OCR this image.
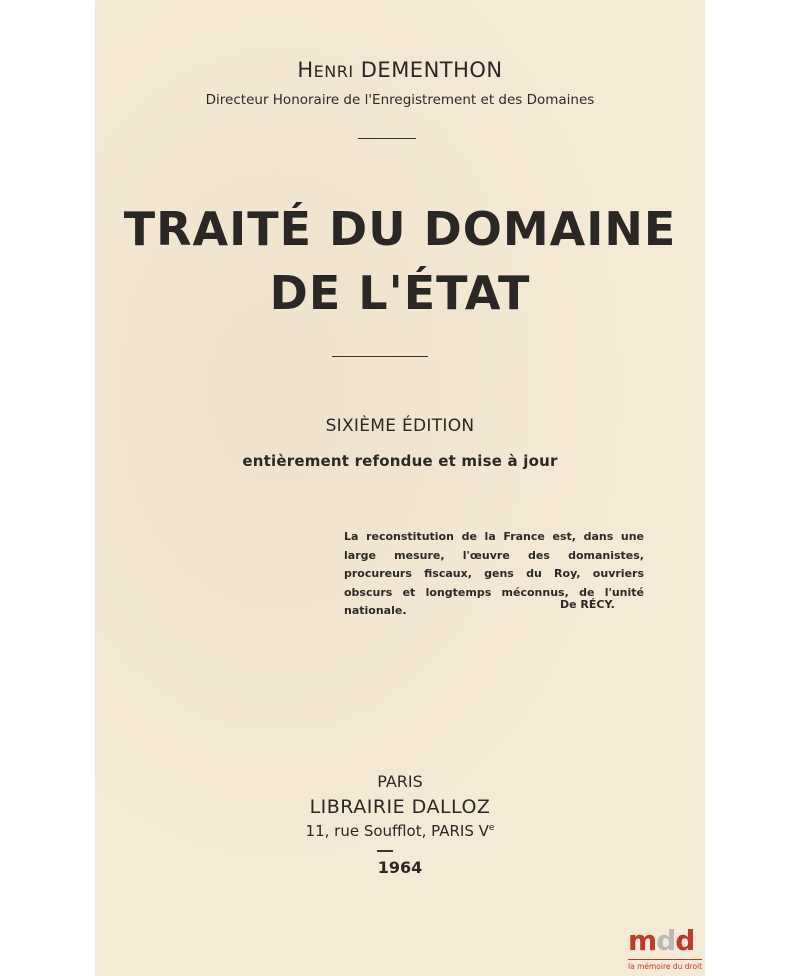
HENRI DEMENTHON
Directeur Honoraire de l'Enregistrement et des Domaines
TRAITÉ DU DOMAINE
DE L'ÉTAT
SIXIÈME ÉDITION
entièrement refondue et mise à jour

La reconstitution de la France est, dans une large mesure, l'œuvre des domanistes, procureurs fiscaux, gens du Roy, ouvriers obscurs et longtemps méconnus, de l'unité nationale.	De RÉCY.
PARIS
LIBRAIRIE DALLOZ
11, rue Soufflot, PARIS Ve
1964
mdd
la mémoire du droit
